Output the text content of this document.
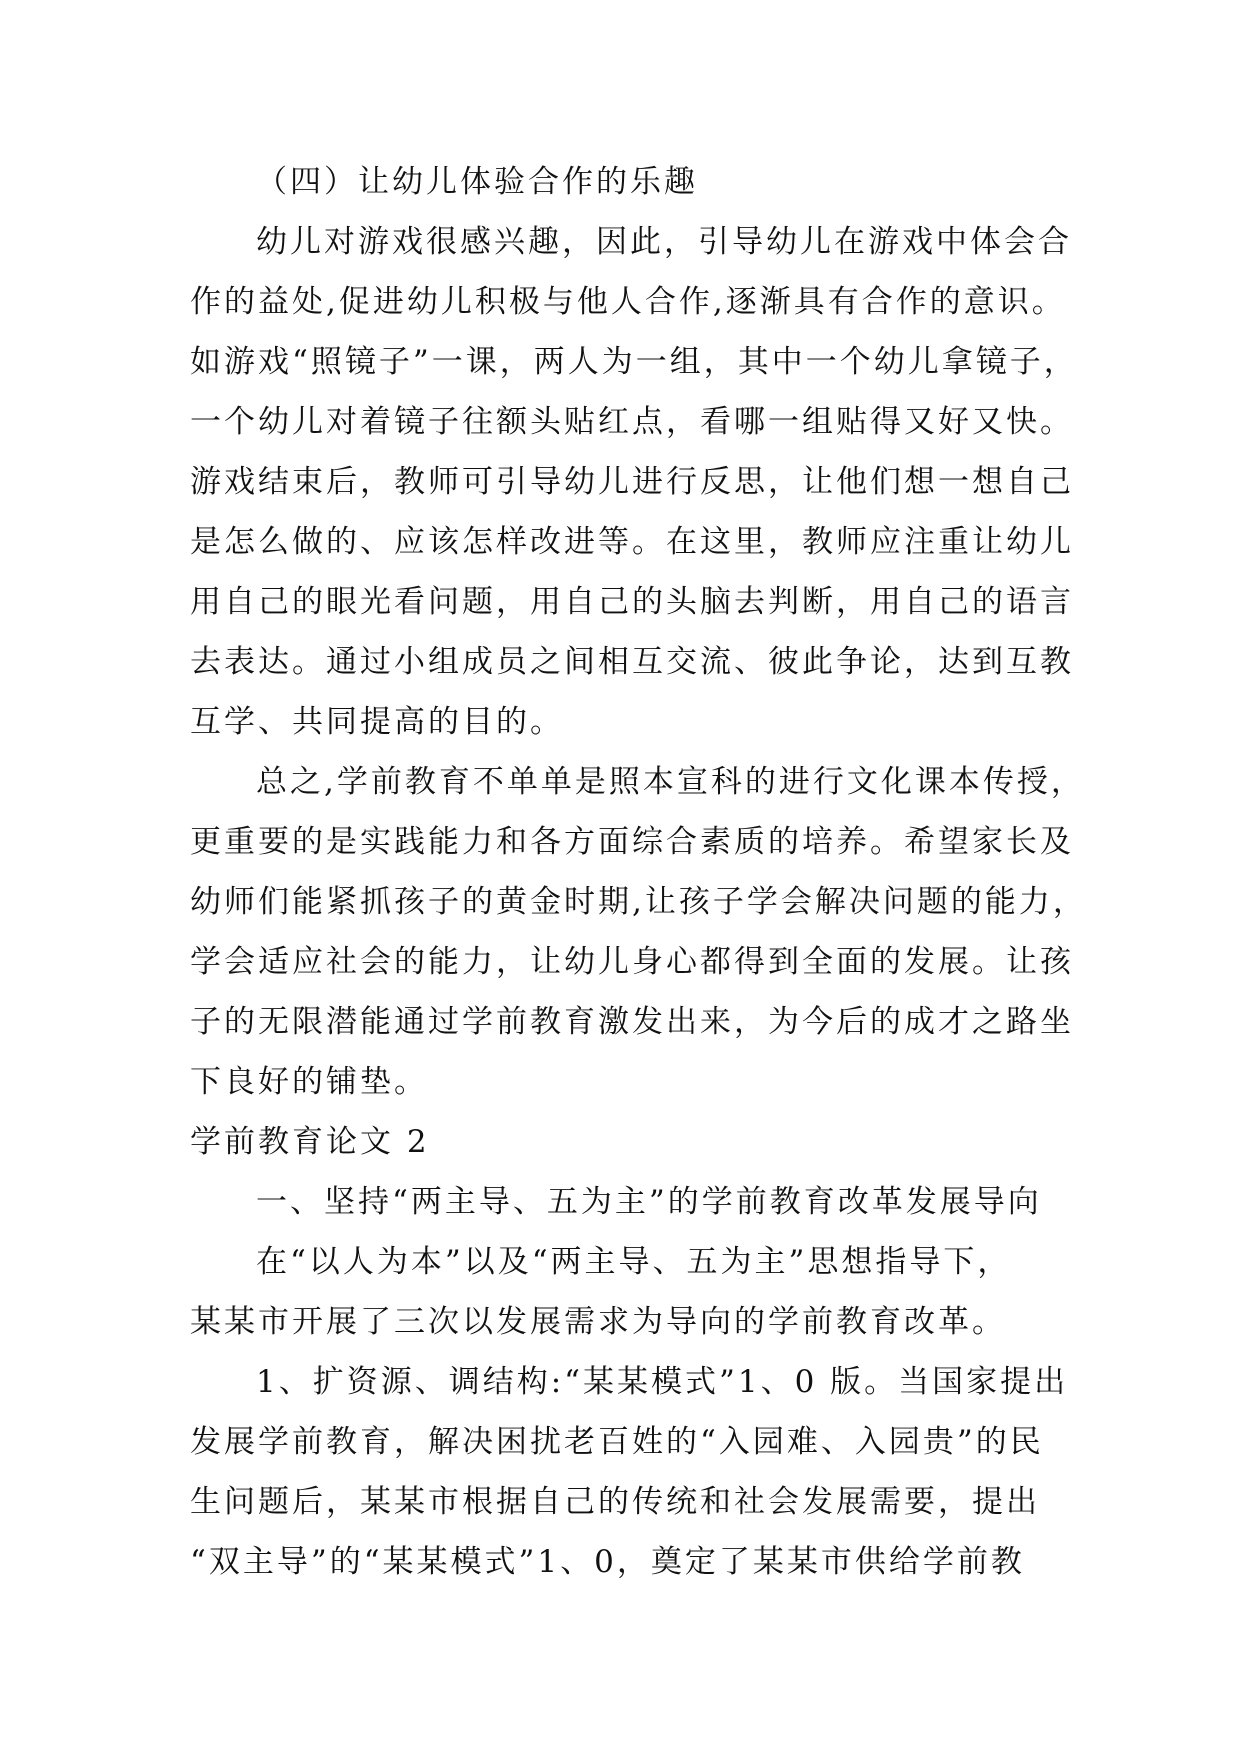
（四）让幼儿体验合作的乐趣

幼儿对游戏很感兴趣，因此，引导幼儿在游戏中体会合

作的益处,促进幼儿积极与他人合作,逐渐具有合作的意识。

如游戏“照镜子”一课，两人为一组，其中一个幼儿拿镜子，

一个幼儿对着镜子往额头贴红点，看哪一组贴得又好又快。

游戏结束后，教师可引导幼儿进行反思，让他们想一想自己

是怎么做的、应该怎样改进等。在这里，教师应注重让幼儿

用自己的眼光看问题，用自己的头脑去判断，用自己的语言

去表达。通过小组成员之间相互交流、彼此争论，达到互教

互学、共同提高的目的。

总之,学前教育不单单是照本宣科的进行文化课本传授，

更重要的是实践能力和各方面综合素质的培养。希望家长及

幼师们能紧抓孩子的黄金时期,让孩子学会解决问题的能力，

学会适应社会的能力，让幼儿身心都得到全面的发展。让孩

子的无限潜能通过学前教育激发出来，为今后的成才之路坐

下良好的铺垫。

学前教育论文 2

一、坚持“两主导、五为主”的学前教育改革发展导向

在“以人为本”以及“两主导、五为主”思想指导下，

某某市开展了三次以发展需求为导向的学前教育改革。

1、扩资源、调结构:“某某模式”1、0 版。当国家提出

发展学前教育，解决困扰老百姓的“入园难、入园贵”的民

生问题后，某某市根据自己的传统和社会发展需要，提出

“双主导”的“某某模式”1、0，奠定了某某市供给学前教
